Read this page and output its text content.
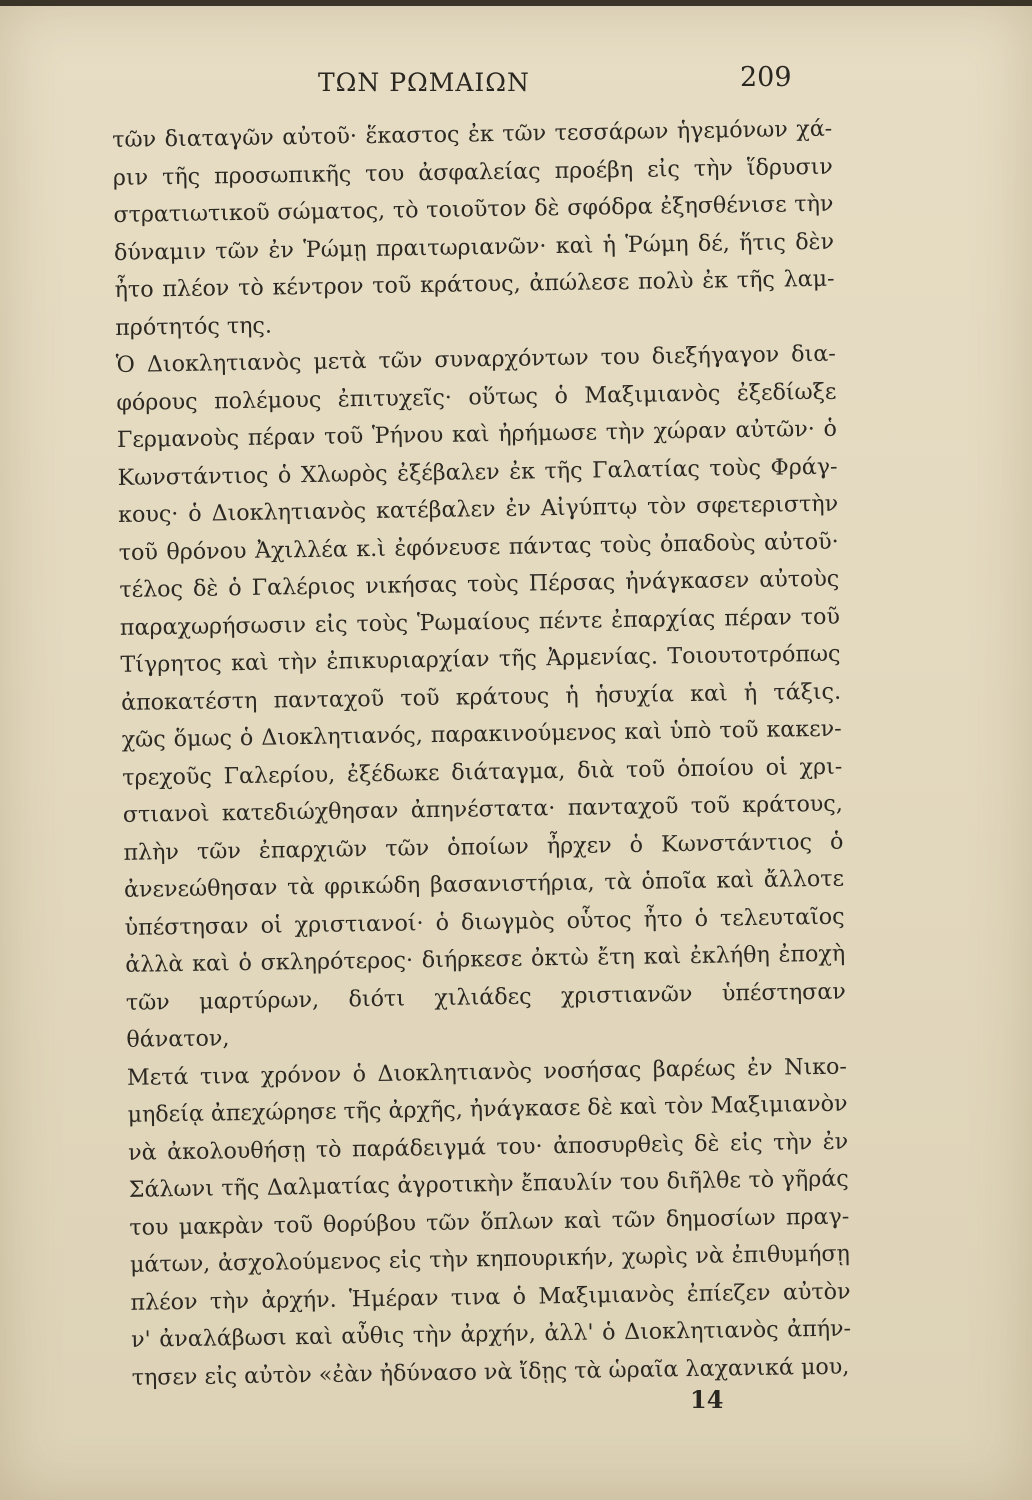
ΤΩΝ ΡΩΜΑΙΩΝ	209
τῶν διαταγῶν αὐτοῦ· ἕκαστος ἐκ τῶν τεσσάρων ἡγεμόνων χά-
ριν τῆς προσωπικῆς του ἀσφαλείας προέβη εἰς τὴν ἵδρυσιν
στρατιωτικοῦ σώματος, τὸ τοιοῦτον δὲ σφόδρα ἐξησθένισε τὴν
δύναμιν τῶν ἐν Ῥώμῃ πραιτωριανῶν· καὶ ἡ Ῥώμη δέ, ἥτις δὲν
ἦτο πλέον τὸ κέντρον τοῦ κράτους, ἀπώλεσε πολὺ ἐκ τῆς λαμ-
πρότητός της.
Ὁ Διοκλητιανὸς μετὰ τῶν συναρχόντων του διεξήγαγον δια-
φόρους πολέμους ἐπιτυχεῖς· οὕτως ὁ Μαξιμιανὸς ἐξεδίωξε
Γερμανοὺς πέραν τοῦ Ῥήνου καὶ ἠρήμωσε τὴν χώραν αὐτῶν· ὁ
Κωνστάντιος ὁ Χλωρὸς ἐξέβαλεν ἐκ τῆς Γαλατίας τοὺς Φράγ-
κους· ὁ Διοκλητιανὸς κατέβαλεν ἐν Αἰγύπτῳ τὸν σφετεριστὴν
τοῦ θρόνου Ἀχιλλέα κ.ὶ ἐφόνευσε πάντας τοὺς ὀπαδοὺς αὐτοῦ·
τέλος δὲ ὁ Γαλέριος νικήσας τοὺς Πέρσας ἠνάγκασεν αὐτοὺς
παραχωρήσωσιν εἰς τοὺς Ῥωμαίους πέντε ἐπαρχίας πέραν τοῦ
Τίγρητος καὶ τὴν ἐπικυριαρχίαν τῆς Ἀρμενίας. Τοιουτοτρόπως
ἀποκατέστη πανταχοῦ τοῦ κράτους ἡ ἡσυχία καὶ ἡ τάξις.
χῶς ὅμως ὁ Διοκλητιανός, παρακινούμενος καὶ ὑπὸ τοῦ κακεν-
τρεχοῦς Γαλερίου, ἐξέδωκε διάταγμα, διὰ τοῦ ὁποίου οἱ χρι-
στιανοὶ κατεδιώχθησαν ἀπηνέστατα· πανταχοῦ τοῦ κράτους,
πλὴν τῶν ἐπαρχιῶν τῶν ὁποίων ἦρχεν ὁ Κωνστάντιος ὁ
ἀνενεώθησαν τὰ φρικώδη βασανιστήρια, τὰ ὁποῖα καὶ ἄλλοτε
ὑπέστησαν οἱ χριστιανοί· ὁ διωγμὸς οὗτος ἦτο ὁ τελευταῖος
ἀλλὰ καὶ ὁ σκληρότερος· διήρκεσε ὀκτὼ ἔτη καὶ ἐκλήθη ἐποχὴ
τῶν μαρτύρων, διότι χιλιάδες χριστιανῶν ὑπέστησαν
θάνατον,
Μετά τινα χρόνον ὁ Διοκλητιανὸς νοσήσας βαρέως ἐν Νικο-
μηδείᾳ ἀπεχώρησε τῆς ἀρχῆς, ἠνάγκασε δὲ καὶ τὸν Μαξιμιανὸν
νὰ ἀκολουθήσῃ τὸ παράδειγμά του· ἀποσυρθεὶς δὲ εἰς τὴν ἐν
Σάλωνι τῆς Δαλματίας ἀγροτικὴν ἔπαυλίν του διῆλθε τὸ γῆράς
του μακρὰν τοῦ θορύβου τῶν ὅπλων καὶ τῶν δημοσίων πραγ-
μάτων, ἀσχολούμενος εἰς τὴν κηπουρικήν, χωρὶς νὰ ἐπιθυμήσῃ
πλέον τὴν ἀρχήν. Ἡμέραν τινα ὁ Μαξιμιανὸς ἐπίεζεν αὐτὸν
ν' ἀναλάβωσι καὶ αὖθις τὴν ἀρχήν, ἀλλ' ὁ Διοκλητιανὸς ἀπήν-
τησεν εἰς αὐτὸν «ἐὰν ἠδύνασο νὰ ἴδῃς τὰ ὡραῖα λαχανικά μου,
14
